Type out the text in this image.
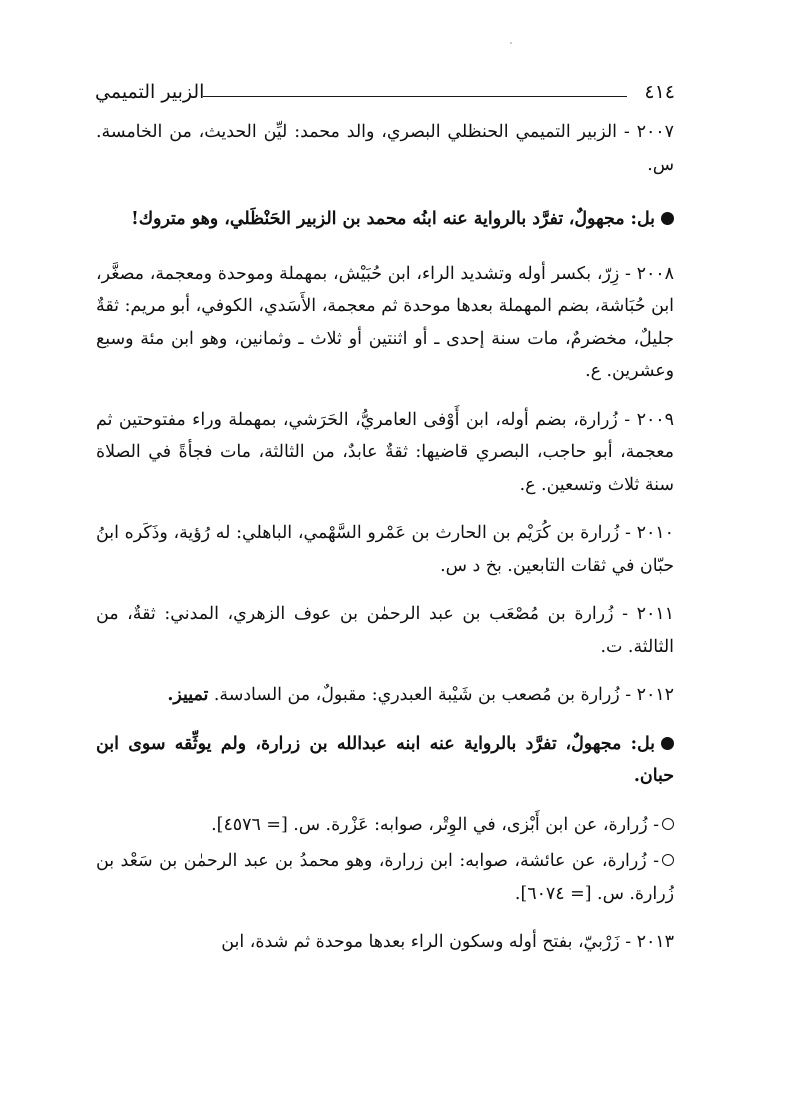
الزبير التميمي	٤١٤

٢٠٠٧ - الزبير التميمي الحنظلي البصري، والد محمد: ليِّن الحديث، من الخامسة. س.

بل: مجهولٌ، تفرَّد بالرواية عنه ابنُه محمد بن الزبير الحَنْظَلي، وهو متروك!

٢٠٠٨ - زِرّ، بكسر أوله وتشديد الراء، ابن حُبَيْش، بمهملة وموحدة ومعجمة، مصغَّر، ابن حُبَاشة، بضم المهملة بعدها موحدة ثم معجمة، الأَسَدي، الكوفي، أبو مريم: ثقةٌ جليلٌ، مخضرمٌ، مات سنة إحدى ـ أو اثنتين أو ثلاث ـ وثمانين، وهو ابن مئة وسبع وعشرين. ع.

٢٠٠٩ - زُرارة، بضم أوله، ابن أَوْفى العامريُّ، الحَرَشي، بمهملة وراء مفتوحتين ثم معجمة، أبو حاجب، البصري قاضيها: ثقةٌ عابدٌ، من الثالثة، مات فجأةً في الصلاة سنة ثلاث وتسعين. ع.

٢٠١٠ - زُرارة بن كُرَيْم بن الحارث بن عَمْرو السَّهْمي، الباهلي: له رُؤية، وذَكَره ابنُ حبّان في ثقات التابعين. بخ د س.

٢٠١١ - زُرارة بن مُصْعَب بن عبد الرحمٰن بن عوف الزهري، المدني: ثقةٌ، من الثالثة. ت.

٢٠١٢ - زُرارة بن مُصعب بن شَيْبة العبدري: مقبولٌ، من السادسة. تمييز.

بل: مجهولٌ، تفرَّد بالرواية عنه ابنه عبدالله بن زرارة، ولم يوثِّقه سوى ابن حبان.

- زُرارة، عن ابن أَبْزى، في الوِتْر، صوابه: عَزْرة. س. [= ٤٥٧٦].

- زُرارة، عن عائشة، صوابه: ابن زرارة، وهو محمدُ بن عبد الرحمٰن بن سَعْد بن زُرارة. س. [= ٦٠٧٤].

٢٠١٣ - زَرْبيّ، بفتح أوله وسكون الراء بعدها موحدة ثم شدة، ابن
